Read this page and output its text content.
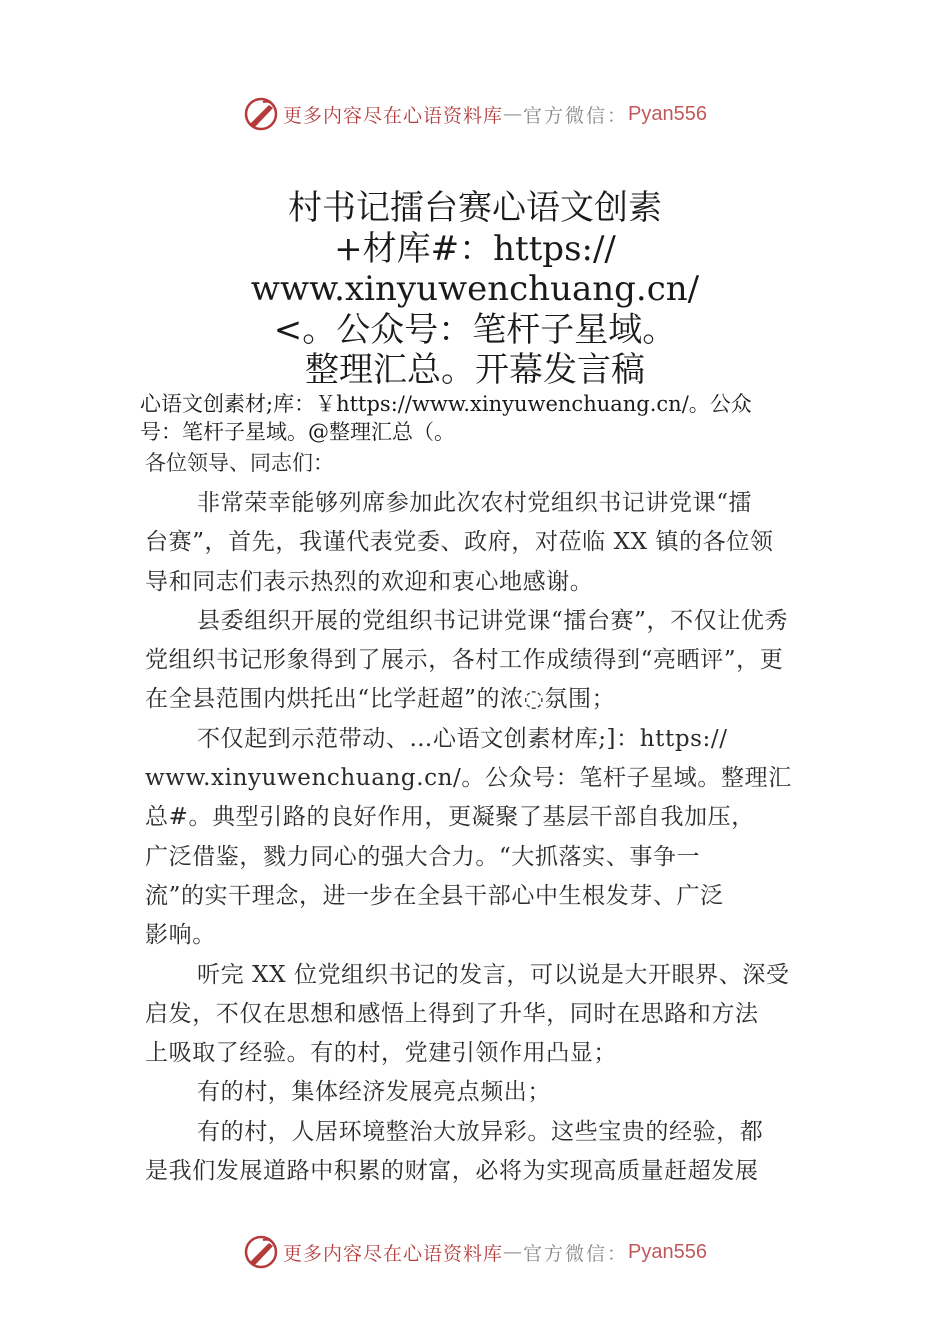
更多内容尽在心语资料库 — 官方微信： Pyan556
村书记擂台赛心语文创素
+材库#：https://
www.xinyuwenchuang.cn/
<。公众号：笔杆子星域。
整理汇总。开幕发言稿
心语文创素材;库：￥https://www.xinyuwenchuang.cn/。公众
号：笔杆子星域。@整理汇总（。
各位领导、同志们：
非常荣幸能够列席参加此次农村党组织书记讲党课“擂
台赛”，首先，我谨代表党委、政府，对莅临 XX 镇的各位领
导和同志们表示热烈的欢迎和衷心地感谢。
县委组织开展的党组织书记讲党课“擂台赛”，不仅让优秀
党组织书记形象得到了展示，各村工作成绩得到“亮晒评”，更
在全县范围内烘托出“比学赶超”的浓◌氛围；
不仅起到示范带动、…心语文创素材库;]：https://
www.xinyuwenchuang.cn/。公众号：笔杆子星域。整理汇
总#。典型引路的良好作用，更凝聚了基层干部自我加压，
广泛借鉴，戮力同心的强大合力。“大抓落实、事争一
流”的实干理念，进一步在全县干部心中生根发芽、广泛
影响。
听完 XX 位党组织书记的发言，可以说是大开眼界、深受
启发，不仅在思想和感悟上得到了升华，同时在思路和方法
上吸取了经验。有的村，党建引领作用凸显；
有的村，集体经济发展亮点频出；
有的村，人居环境整治大放异彩。这些宝贵的经验，都
是我们发展道路中积累的财富，必将为实现高质量赶超发展
更多内容尽在心语资料库 — 官方微信： Pyan556
